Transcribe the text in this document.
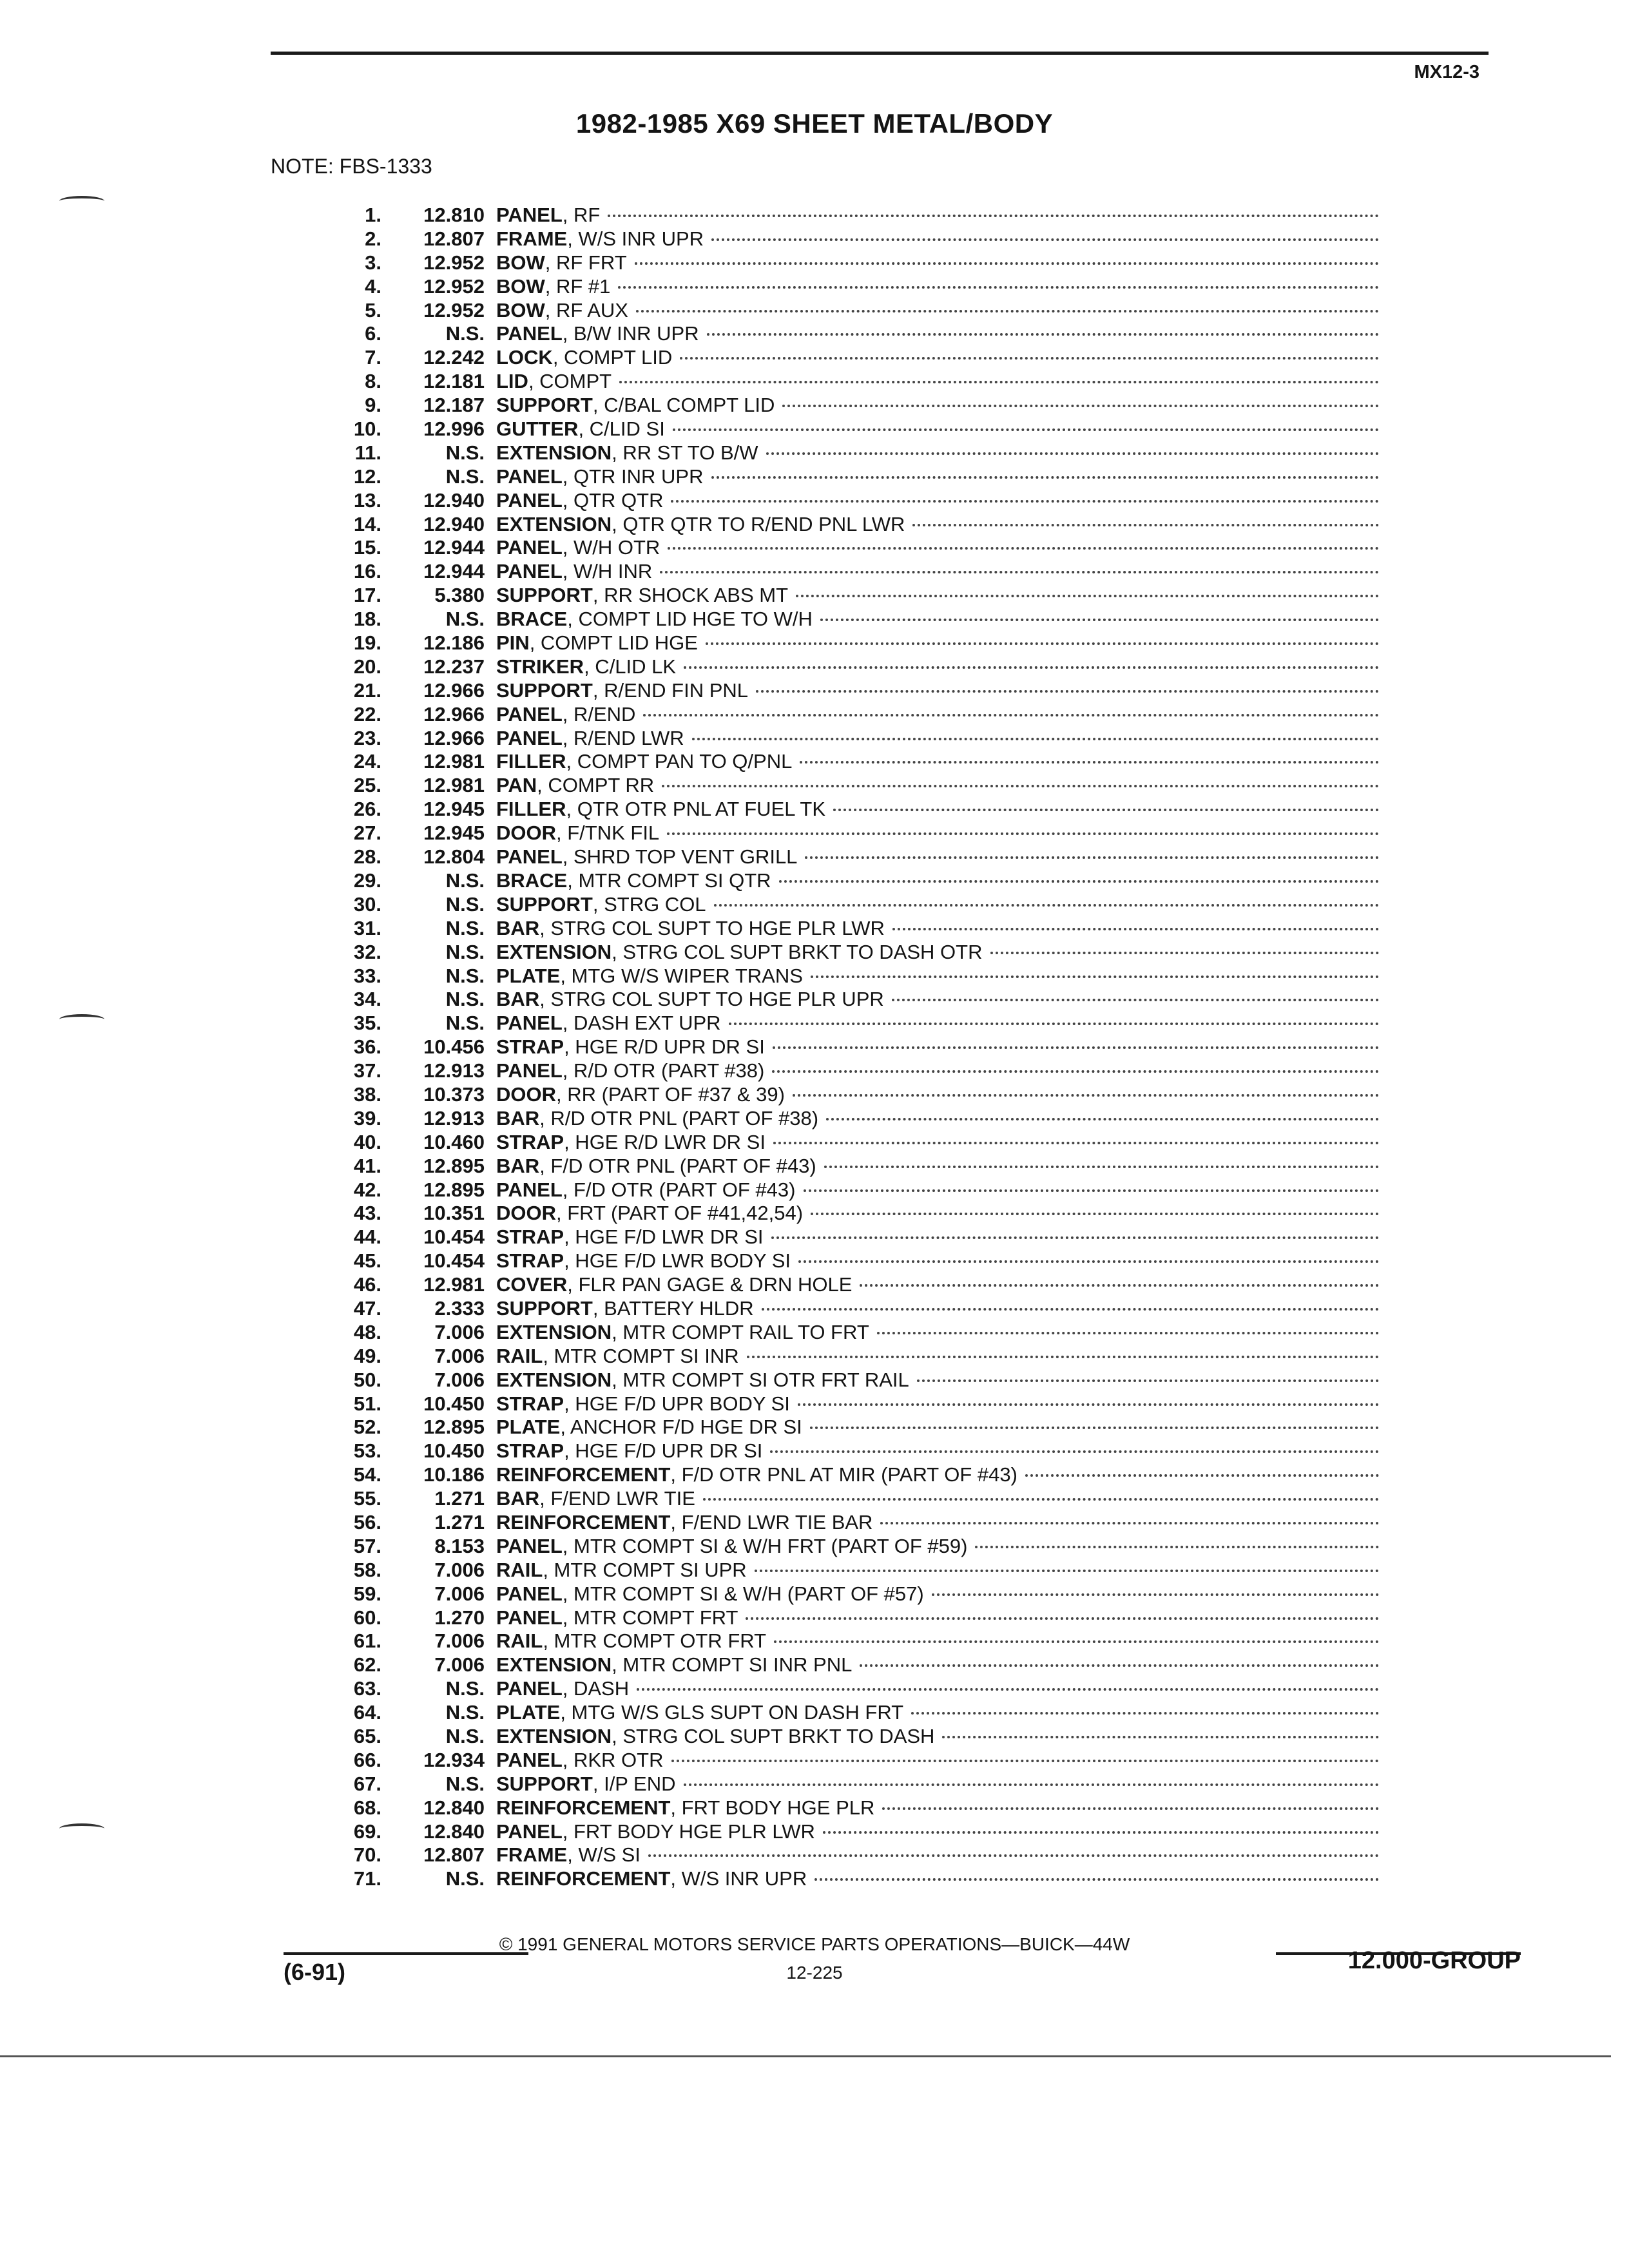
MX12-3
1982-1985 X69 SHEET METAL/BODY
NOTE: FBS-1333
1.	12.810 PANEL , RF
2.	12.807 FRAME , W/S INR UPR
3.	12.952 BOW , RF FRT
4.	12.952 BOW , RF #1
5.	12.952 BOW , RF AUX
6.	N.S. PANEL , B/W INR UPR
7.	12.242 LOCK , COMPT LID
8.	12.181 LID , COMPT
9.	12.187 SUPPORT , C/BAL COMPT LID
10.	12.996 GUTTER , C/LID SI
11.	N.S. EXTENSION , RR ST TO B/W
12.	N.S. PANEL , QTR INR UPR
13.	12.940 PANEL , QTR QTR
14.	12.940 EXTENSION , QTR QTR TO R/END PNL LWR
15.	12.944 PANEL , W/H OTR
16.	12.944 PANEL , W/H INR
17.	5.380 SUPPORT , RR SHOCK ABS MT
18.	N.S. BRACE , COMPT LID HGE TO W/H
19.	12.186 PIN , COMPT LID HGE
20.	12.237 STRIKER , C/LID LK
21.	12.966 SUPPORT , R/END FIN PNL
22.	12.966 PANEL , R/END
23.	12.966 PANEL , R/END LWR
24.	12.981 FILLER , COMPT PAN TO Q/PNL
25.	12.981 PAN , COMPT RR
26.	12.945 FILLER , QTR OTR PNL AT FUEL TK
27.	12.945 DOOR , F/TNK FIL
28.	12.804 PANEL , SHRD TOP VENT GRILL
29.	N.S. BRACE , MTR COMPT SI QTR
30.	N.S. SUPPORT , STRG COL
31.	N.S. BAR , STRG COL SUPT TO HGE PLR LWR
32.	N.S. EXTENSION , STRG COL SUPT BRKT TO DASH OTR
33.	N.S. PLATE , MTG W/S WIPER TRANS
34.	N.S. BAR , STRG COL SUPT TO HGE PLR UPR
35.	N.S. PANEL , DASH EXT UPR
36.	10.456 STRAP , HGE R/D UPR DR SI
37.	12.913 PANEL , R/D OTR (PART #38)
38.	10.373 DOOR , RR (PART OF #37 & 39)
39.	12.913 BAR , R/D OTR PNL (PART OF #38)
40.	10.460 STRAP , HGE R/D LWR DR SI
41.	12.895 BAR , F/D OTR PNL (PART OF #43)
42.	12.895 PANEL , F/D OTR (PART OF #43)
43.	10.351 DOOR , FRT (PART OF #41,42,54)
44.	10.454 STRAP , HGE F/D LWR DR SI
45.	10.454 STRAP , HGE F/D LWR BODY SI
46.	12.981 COVER , FLR PAN GAGE & DRN HOLE
47.	2.333 SUPPORT , BATTERY HLDR
48.	7.006 EXTENSION , MTR COMPT RAIL TO FRT
49.	7.006 RAIL , MTR COMPT SI INR
50.	7.006 EXTENSION , MTR COMPT SI OTR FRT RAIL
51.	10.450 STRAP , HGE F/D UPR BODY SI
52.	12.895 PLATE , ANCHOR F/D HGE DR SI
53.	10.450 STRAP , HGE F/D UPR DR SI
54.	10.186 REINFORCEMENT , F/D OTR PNL AT MIR (PART OF #43)
55.	1.271 BAR , F/END LWR TIE
56.	1.271 REINFORCEMENT , F/END LWR TIE BAR
57.	8.153 PANEL , MTR COMPT SI & W/H FRT (PART OF #59)
58.	7.006 RAIL , MTR COMPT SI UPR
59.	7.006 PANEL , MTR COMPT SI & W/H (PART OF #57)
60.	1.270 PANEL , MTR COMPT FRT
61.	7.006 RAIL , MTR COMPT OTR FRT
62.	7.006 EXTENSION , MTR COMPT SI INR PNL
63.	N.S. PANEL , DASH
64.	N.S. PLATE , MTG W/S GLS SUPT ON DASH FRT
65.	N.S. EXTENSION , STRG COL SUPT BRKT TO DASH
66.	12.934 PANEL , RKR OTR
67.	N.S. SUPPORT , I/P END
68.	12.840 REINFORCEMENT , FRT BODY HGE PLR
69.	12.840 PANEL , FRT BODY HGE PLR LWR
70.	12.807 FRAME , W/S SI
71.	N.S. REINFORCEMENT , W/S INR UPR
© 1991 GENERAL MOTORS SERVICE PARTS OPERATIONS—BUICK—44W
(6-91)	12-225	12.000-GROUP
